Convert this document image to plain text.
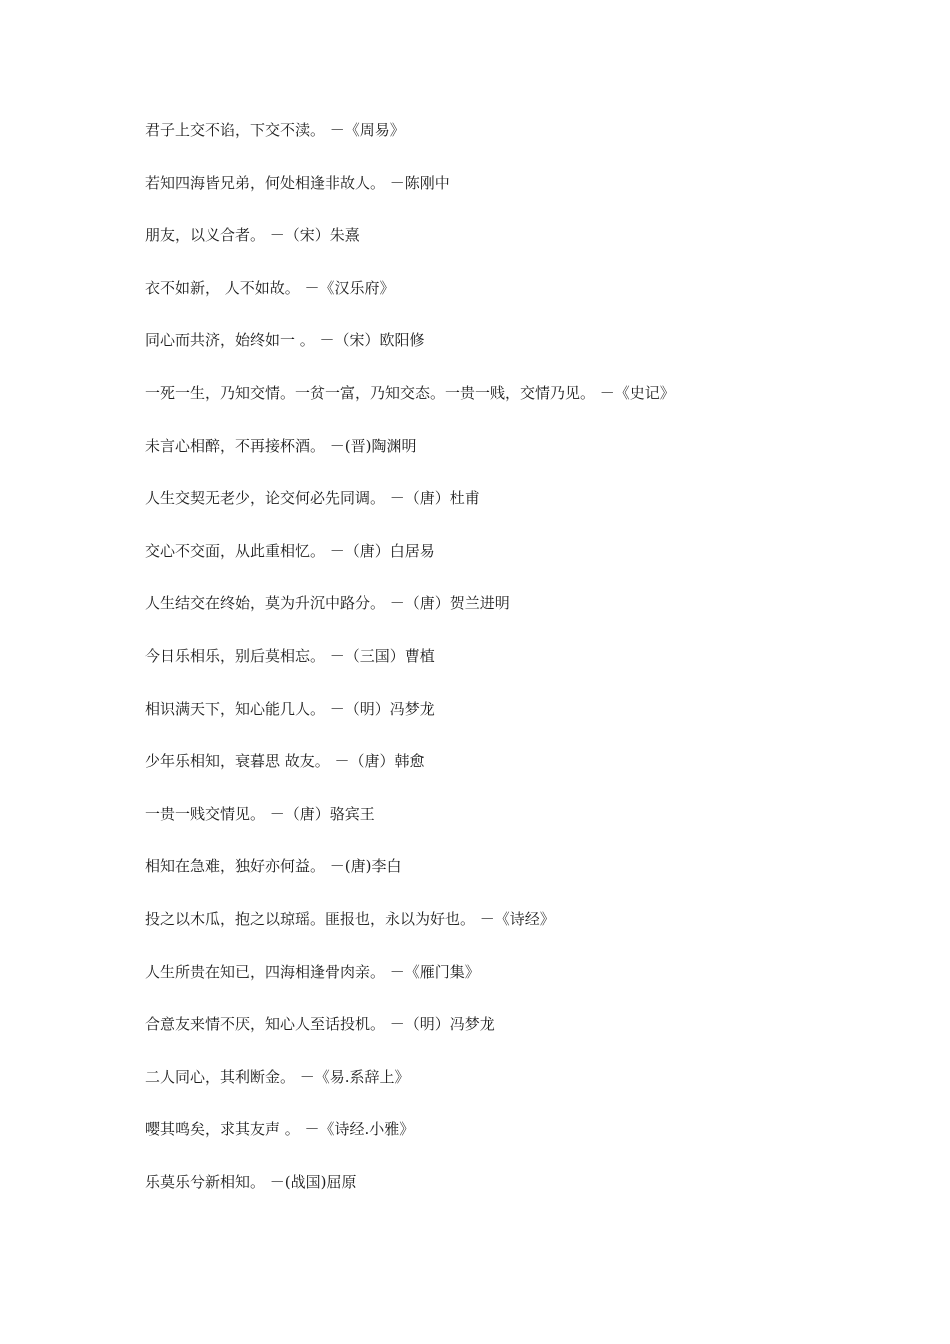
君子上交不谄，下交不渎。 －《周易》
若知四海皆兄弟，何处相逢非故人。 －陈刚中
朋友，以义合者。 －（宋）朱熹
衣不如新， 人不如故。 －《汉乐府》
同心而共济，始终如一 。 －（宋）欧阳修
一死一生，乃知交情。一贫一富，乃知交态。一贵一贱，交情乃见。 －《史记》
未言心相醉，不再接杯酒。 －(晋)陶渊明
人生交契无老少，论交何必先同调。 －（唐）杜甫
交心不交面，从此重相忆。 －（唐）白居易
人生结交在终始，莫为升沉中路分。 －（唐）贺兰进明
今日乐相乐，别后莫相忘。 －（三国）曹植
相识满天下，知心能几人。 －（明）冯梦龙
少年乐相知，衰暮思 故友。 －（唐）韩愈
一贵一贱交情见。 －（唐）骆宾王
相知在急难，独好亦何益。 －(唐)李白
投之以木瓜，抱之以琼瑶。匪报也，永以为好也。 －《诗经》
人生所贵在知已，四海相逢骨肉亲。 －《雁门集》
合意友来情不厌，知心人至话投机。 －（明）冯梦龙
二人同心，其利断金。 －《易.系辞上》
嘤其鸣矣，求其友声 。 －《诗经.小雅》
乐莫乐兮新相知。 －(战国)屈原
